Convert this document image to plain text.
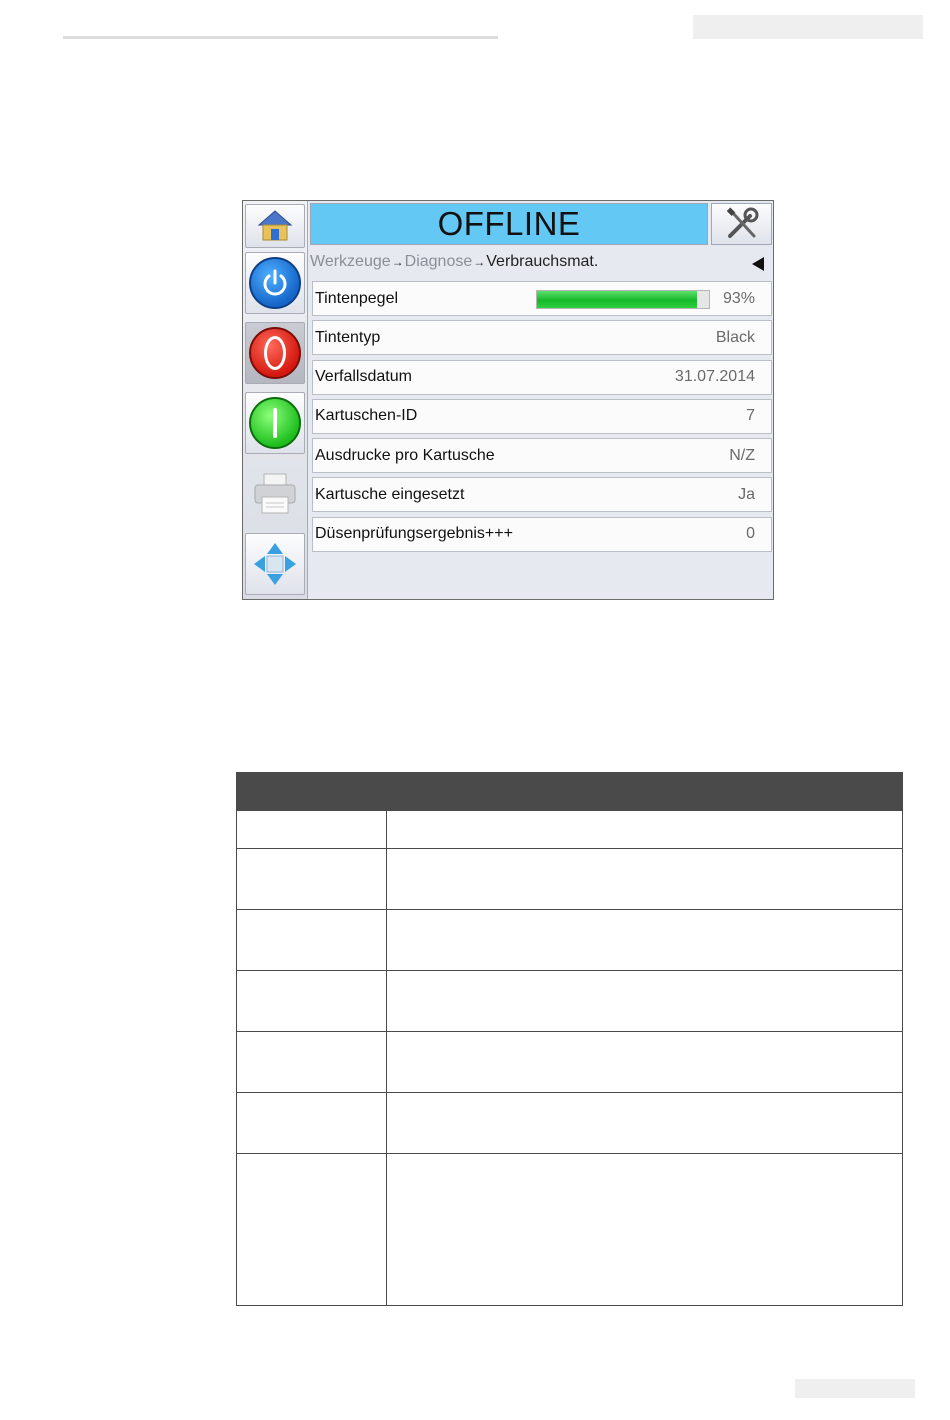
OFFLINE
Werkzeuge→Diagnose→Verbrauchsmat.
Tintenpegel	93%
Tintentyp	Black
Verfallsdatum	31.07.2014
Kartuschen-ID	7
Ausdrucke pro Kartusche	N/Z
Kartusche eingesetzt	Ja
Düsenprüfungsergebnis+++	0
